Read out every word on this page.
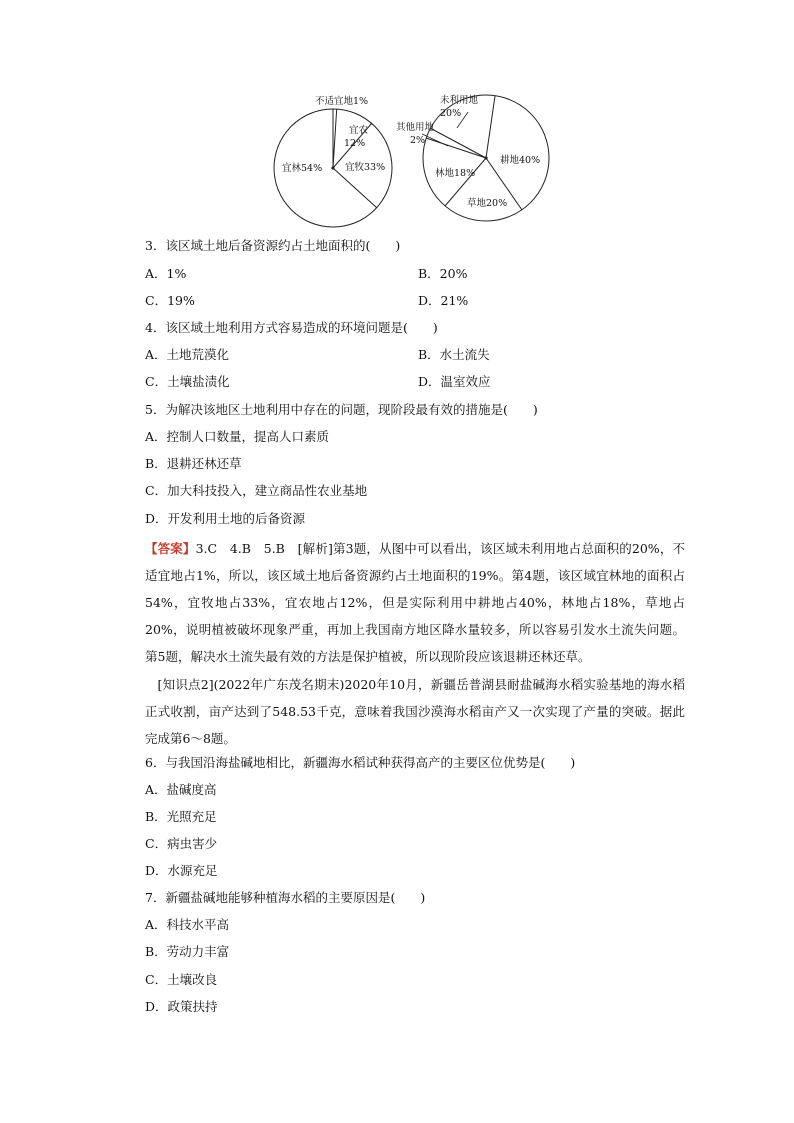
不适宜地1%
宜农
12%
宜牧33%
宜林54%
未利用地
20%
其他用地
2%
耕地40%
林地18%
草地20%
3．该区域土地后备资源约占土地面积的(　　)
A．1%	B．20%
C．19%	D．21%
4．该区域土地利用方式容易造成的环境问题是(　　)
A．土地荒漠化	B．水土流失
C．土壤盐渍化	D．温室效应
5．为解决该地区土地利用中存在的问题，现阶段最有效的措施是(　　)
A．控制人口数量，提高人口素质
B．退耕还林还草
C．加大科技投入，建立商品性农业基地
D．开发利用土地的后备资源
【答案】3.C　4.B　5.B　[解析]第3题，从图中可以看出，该区域未利用地占总面积的20%，不适宜地占1%，所以，该区域土地后备资源约占土地面积的19%。第4题，该区域宜林地的面积占54%，宜牧地占33%，宜农地占12%，但是实际利用中耕地占40%，林地占18%，草地占20%，说明植被破坏现象严重，再加上我国南方地区降水量较多，所以容易引发水土流失问题。第5题，解决水土流失最有效的方法是保护植被，所以现阶段应该退耕还林还草。
[知识点2](2022年广东茂名期末)2020年10月，新疆岳普湖县耐盐碱海水稻实验基地的海水稻正式收割，亩产达到了548.53千克，意味着我国沙漠海水稻亩产又一次实现了产量的突破。据此完成第6～8题。
6．与我国沿海盐碱地相比，新疆海水稻试种获得高产的主要区位优势是(　　)
A．盐碱度高
B．光照充足
C．病虫害少
D．水源充足
7．新疆盐碱地能够种植海水稻的主要原因是(　　)
A．科技水平高
B．劳动力丰富
C．土壤改良
D．政策扶持
